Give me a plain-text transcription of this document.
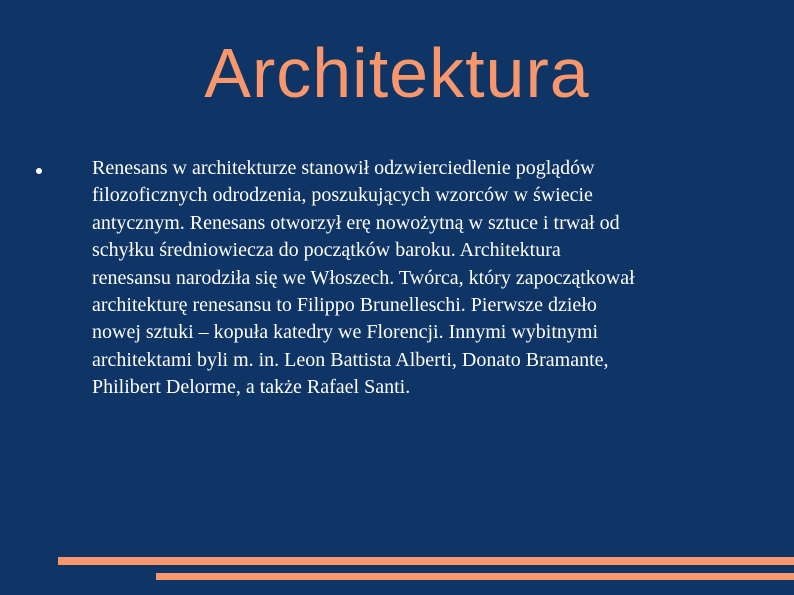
Architektura
Renesans w architekturze stanowił odzwierciedlenie poglądów
filozoficznych odrodzenia, poszukujących wzorców w świecie
antycznym. Renesans otworzył erę nowożytną w sztuce i trwał od
schyłku średniowiecza do początków baroku. Architektura
renesansu narodziła się we Włoszech. Twórca, który zapoczątkował
architekturę renesansu to Filippo Brunelleschi. Pierwsze dzieło
nowej sztuki – kopuła katedry we Florencji. Innymi wybitnymi
architektami byli m. in. Leon Battista Alberti, Donato Bramante,
Philibert Delorme, a także Rafael Santi.
